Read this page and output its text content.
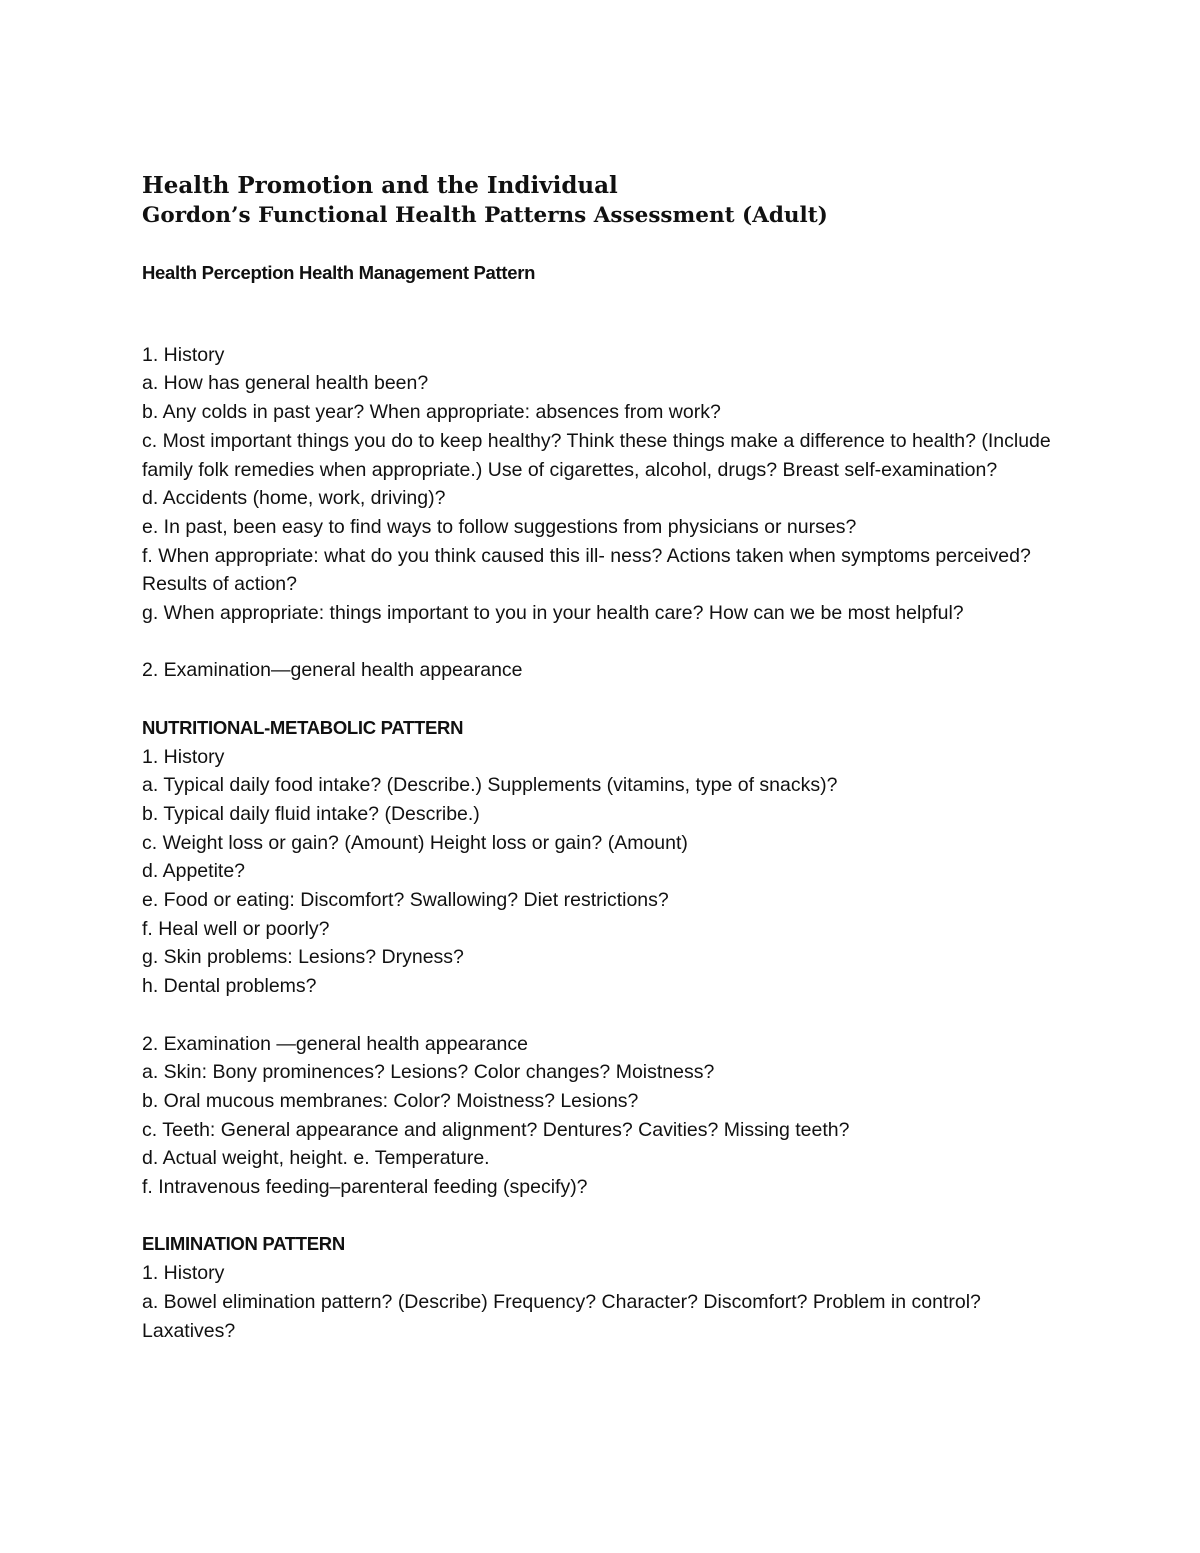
Health Promotion and the Individual
Gordon’s Functional Health Patterns Assessment (Adult)
Health Perception Health Management Pattern
1. History
a. How has general health been?
b. Any colds in past year? When appropriate: absences from work?
c. Most important things you do to keep healthy? Think these things make a difference to health? (Include family folk remedies when appropriate.) Use of cigarettes, alcohol, drugs? Breast self-examination?
d. Accidents (home, work, driving)?
e. In past, been easy to find ways to follow suggestions from physicians or nurses?
f. When appropriate: what do you think caused this ill- ness? Actions taken when symptoms perceived? Results of action?
g. When appropriate: things important to you in your health care? How can we be most helpful?
2. Examination—general health appearance
NUTRITIONAL-METABOLIC PATTERN
1. History
a. Typical daily food intake? (Describe.) Supplements (vitamins, type of snacks)?
b. Typical daily fluid intake? (Describe.)
c. Weight loss or gain? (Amount) Height loss or gain? (Amount)
d. Appetite?
e. Food or eating: Discomfort? Swallowing? Diet restrictions?
f. Heal well or poorly?
g. Skin problems: Lesions? Dryness?
h. Dental problems?
2. Examination —general health appearance
a. Skin: Bony prominences? Lesions? Color changes? Moistness?
b. Oral mucous membranes: Color? Moistness? Lesions?
c. Teeth: General appearance and alignment? Dentures? Cavities? Missing teeth?
d. Actual weight, height. e. Temperature.
f. Intravenous feeding–parenteral feeding (specify)?
ELIMINATION PATTERN
1. History
a. Bowel elimination pattern? (Describe) Frequency? Character? Discomfort? Problem in control? Laxatives?
